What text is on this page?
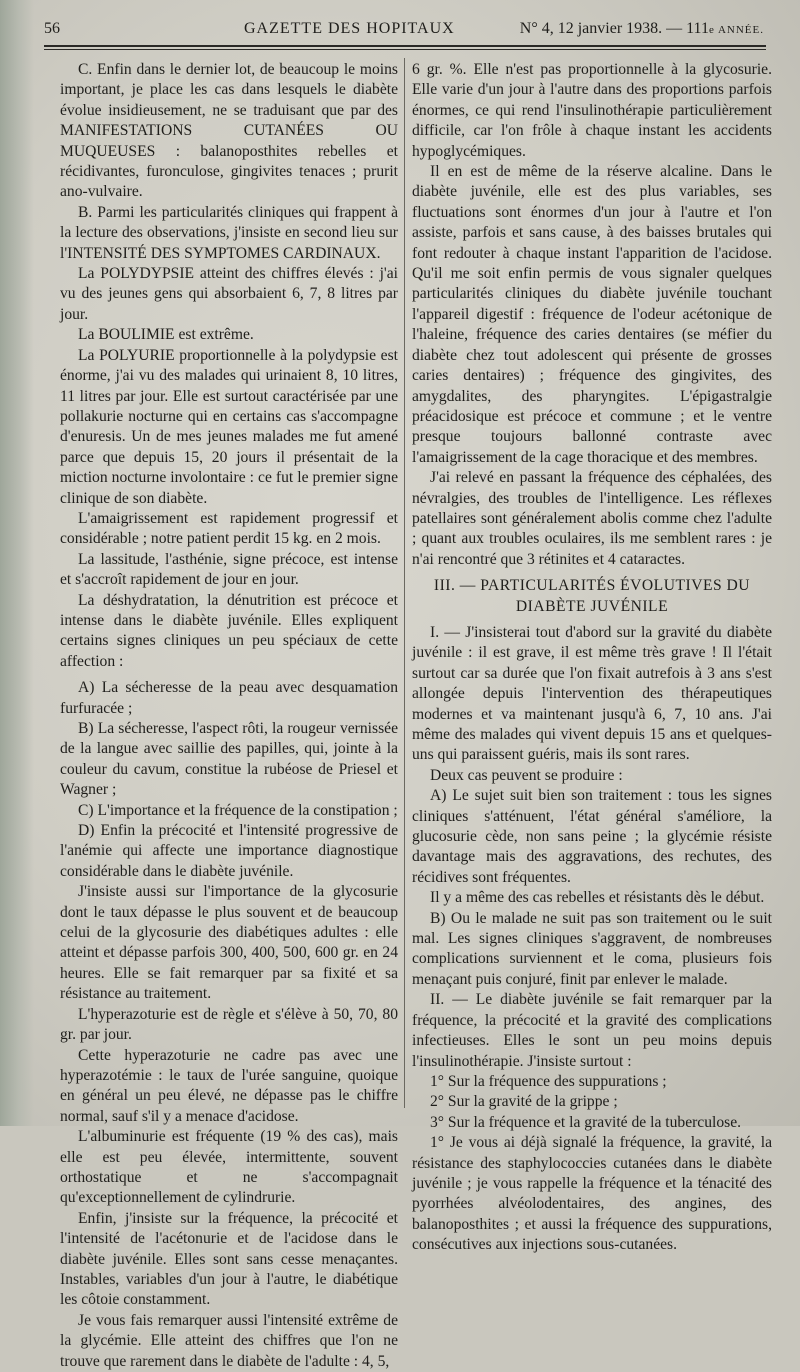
56	GAZETTE DES HOPITAUX	N° 4, 12 janvier 1938. — 111e ANNÉE.

C. Enfin dans le dernier lot, de beaucoup le moins important, je place les cas dans lesquels le diabète évolue insidieusement, ne se traduisant que par des MANIFESTATIONS CUTANÉES OU MUQUEUSES : balanoposthites rebelles et récidivantes, furonculose, gingivites tenaces ; prurit ano-vulvaire.

B. Parmi les particularités cliniques qui frappent à la lecture des observations, j'insiste en second lieu sur l'INTENSITÉ DES SYMPTOMES CARDINAUX.

La POLYDYPSIE atteint des chiffres élevés : j'ai vu des jeunes gens qui absorbaient 6, 7, 8 litres par jour.

La BOULIMIE est extrême.

La POLYURIE proportionnelle à la polydypsie est énorme, j'ai vu des malades qui urinaient 8, 10 litres, 11 litres par jour. Elle est surtout caractérisée par une pollakurie nocturne qui en certains cas s'accompagne d'enuresis. Un de mes jeunes malades me fut amené parce que depuis 15, 20 jours il présentait de la miction nocturne involontaire : ce fut le premier signe clinique de son diabète.

L'amaigrissement est rapidement progressif et considérable ; notre patient perdit 15 kg. en 2 mois.

La lassitude, l'asthénie, signe précoce, est intense et s'accroît rapidement de jour en jour.

La déshydratation, la dénutrition est précoce et intense dans le diabète juvénile. Elles expliquent certains signes cliniques un peu spéciaux de cette affection :

A) La sécheresse de la peau avec desquamation furfuracée ;

B) La sécheresse, l'aspect rôti, la rougeur vernissée de la langue avec saillie des papilles, qui, jointe à la couleur du cavum, constitue la rubéose de Priesel et Wagner ;

C) L'importance et la fréquence de la constipation ;

D) Enfin la précocité et l'intensité progressive de l'anémie qui affecte une importance diagnostique considérable dans le diabète juvénile.

J'insiste aussi sur l'importance de la glycosurie dont le taux dépasse le plus souvent et de beaucoup celui de la glycosurie des diabétiques adultes : elle atteint et dépasse parfois 300, 400, 500, 600 gr. en 24 heures. Elle se fait remarquer par sa fixité et sa résistance au traitement.

L'hyperazoturie est de règle et s'élève à 50, 70, 80 gr. par jour.

Cette hyperazoturie ne cadre pas avec une hyperazotémie : le taux de l'urée sanguine, quoique en général un peu élevé, ne dépasse pas le chiffre normal, sauf s'il y a menace d'acidose.

L'albuminurie est fréquente (19 % des cas), mais elle est peu élevée, intermittente, souvent orthostatique et ne s'accompagnait qu'exceptionnellement de cylindrurie.

Enfin, j'insiste sur la fréquence, la précocité et l'intensité de l'acétonurie et de l'acidose dans le diabète juvénile. Elles sont sans cesse menaçantes. Instables, variables d'un jour à l'autre, le diabétique les côtoie constamment.

Je vous fais remarquer aussi l'intensité extrême de la glycémie. Elle atteint des chiffres que l'on ne trouve que rarement dans le diabète de l'adulte : 4, 5,

6 gr. %. Elle n'est pas proportionnelle à la glycosurie. Elle varie d'un jour à l'autre dans des proportions parfois énormes, ce qui rend l'insulinothérapie particulièrement difficile, car l'on frôle à chaque instant les accidents hypoglycémiques.

Il en est de même de la réserve alcaline. Dans le diabète juvénile, elle est des plus variables, ses fluctuations sont énormes d'un jour à l'autre et l'on assiste, parfois et sans cause, à des baisses brutales qui font redouter à chaque instant l'apparition de l'acidose. Qu'il me soit enfin permis de vous signaler quelques particularités cliniques du diabète juvénile touchant l'appareil digestif : fréquence de l'odeur acétonique de l'haleine, fréquence des caries dentaires (se méfier du diabète chez tout adolescent qui présente de grosses caries dentaires) ; fréquence des gingivites, des amygdalites, des pharyngites. L'épigastralgie préacidosique est précoce et commune ; et le ventre presque toujours ballonné contraste avec l'amaigrissement de la cage thoracique et des membres.

J'ai relevé en passant la fréquence des céphalées, des névralgies, des troubles de l'intelligence. Les réflexes patellaires sont généralement abolis comme chez l'adulte ; quant aux troubles oculaires, ils me semblent rares : je n'ai rencontré que 3 rétinites et 4 cataractes.

III. — PARTICULARITÉS ÉVOLUTIVES DU DIABÈTE JUVÉNILE

I. — J'insisterai tout d'abord sur la gravité du diabète juvénile : il est grave, il est même très grave ! Il l'était surtout car sa durée que l'on fixait autrefois à 3 ans s'est allongée depuis l'intervention des thérapeutiques modernes et va maintenant jusqu'à 6, 7, 10 ans. J'ai même des malades qui vivent depuis 15 ans et quelques-uns qui paraissent guéris, mais ils sont rares.

Deux cas peuvent se produire :

A) Le sujet suit bien son traitement : tous les signes cliniques s'atténuent, l'état général s'améliore, la glucosurie cède, non sans peine ; la glycémie résiste davantage mais des aggravations, des rechutes, des récidives sont fréquentes.

Il y a même des cas rebelles et résistants dès le début.

B) Ou le malade ne suit pas son traitement ou le suit mal. Les signes cliniques s'aggravent, de nombreuses complications surviennent et le coma, plusieurs fois menaçant puis conjuré, finit par enlever le malade.

II. — Le diabète juvénile se fait remarquer par la fréquence, la précocité et la gravité des complications infectieuses. Elles le sont un peu moins depuis l'insulinothérapie. J'insiste surtout :

1° Sur la fréquence des suppurations ;

2° Sur la gravité de la grippe ;

3° Sur la fréquence et la gravité de la tuberculose.

1° Je vous ai déjà signalé la fréquence, la gravité, la résistance des staphylococcies cutanées dans le diabète juvénile ; je vous rappelle la fréquence et la ténacité des pyorrhées alvéolodentaires, des angines, des balanoposthites ; et aussi la fréquence des suppurations, consécutives aux injections sous-cutanées.
